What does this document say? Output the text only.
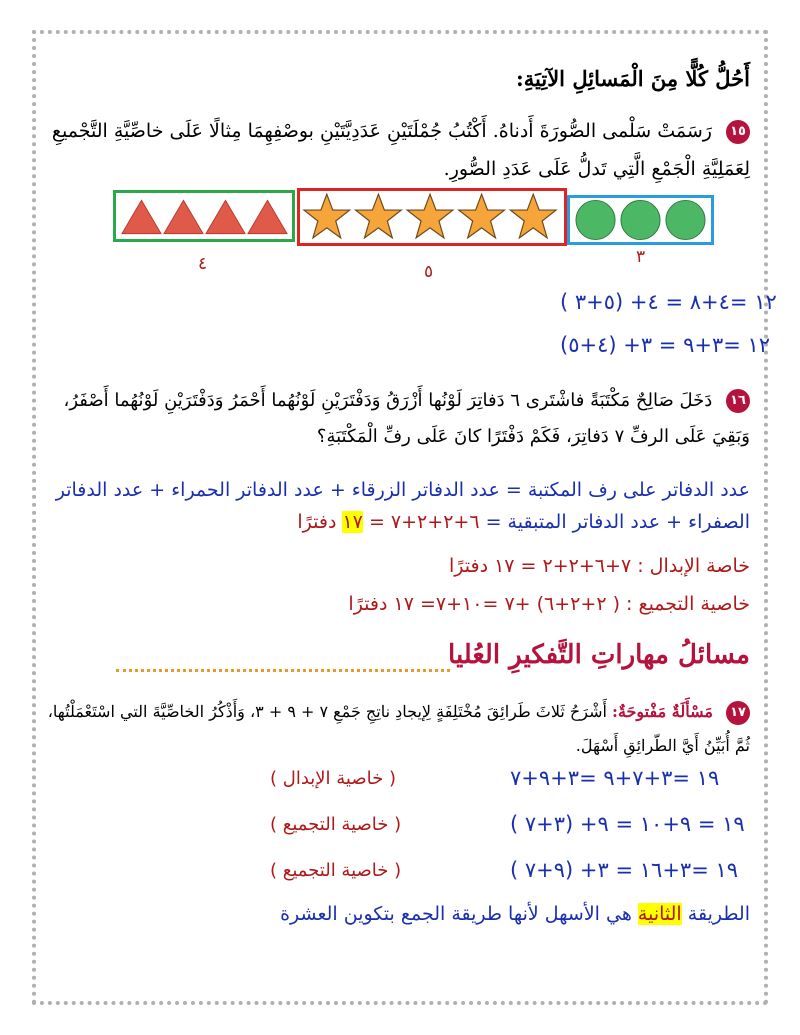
أَحُلُّ كُلًّا مِنَ الْمَسائِلِ الآتِيَةِ:
١٥ رَسَمَتْ سَلْمى الصُّورَةَ أَدناهُ. أَكْتُبُ جُمْلَتَيْنِ عَدَدِيَّتَيْنِ بوصْفِهِمَا مِثالًا عَلَى خاصِّيَّةِ التَّجْميعِ لِعَمَلِيَّةِ الْجَمْعِ الَّتِي تَدلُّ عَلَى عَدَدِ الصُّورِ.
٤	٥
٣
١٢ =٤+٨ = ٤+ (٥+٣ )
١٢ =٣+٩ = ٣+ (٤+٥)
١٦ دَخَلَ صَالِحٌ مَكْتَبَةً فاشْتَرى ٦ دَفاتِرَ لَوْنُها أَزْرَقُ وَدَفْتَرَيْنِ لَوْنُهُما أَحْمَرُ وَدَفْتَرَيْنِ لَوْنُهُما أَصْفَرُ، وَبَقِيَ عَلَى الرفِّ ٧ دَفاتِرَ، فَكَمْ دَفْتَرًا كانَ عَلَى رفِّ الْمَكْتَبَةِ؟
عدد الدفاتر على رف المكتبة = عدد الدفاتر الزرقاء + عدد الدفاتر الحمراء + عدد الدفاتر الصفراء + عدد الدفاتر المتبقية = ٦+٢+٢+٧ = ١٧ دفترًا
خاصة الإبدال : ٧+٦+٢+٢ = ١٧ دفترًا
خاصية التجميع : ( ٢+٢+٦) +٧ =١٠+٧= ١٧ دفترًا
مسائلُ مهاراتِ التَّفكيرِ العُليا
١٧ مَسْأَلَةٌ مَفْتوحَةٌ: أَشْرَحُ ثَلاثَ طَرائِقَ مُخْتَلِفَةٍ لِإيجادِ ناتِجِ جَمْعِ ٧ + ٩ + ٣، وَأَذْكُرُ الخاصِّيَّةَ التي اسْتَعْمَلْتُها، ثُمَّ أُبَيِّنُ أَيَّ الطّرائِقِ أَسْهَلَ.
١٩ =٣+٧+٩ =٣+٩+٧
( خاصية الإبدال )
١٩ = ٩+١٠ = ٩+ (٣+٧ )
( خاصية التجميع )
١٩ =٣+١٦ = ٣+ (٩+٧ )
( خاصية التجميع )
الطريقة الثانية هي الأسهل لأنها طريقة الجمع بتكوين العشرة
